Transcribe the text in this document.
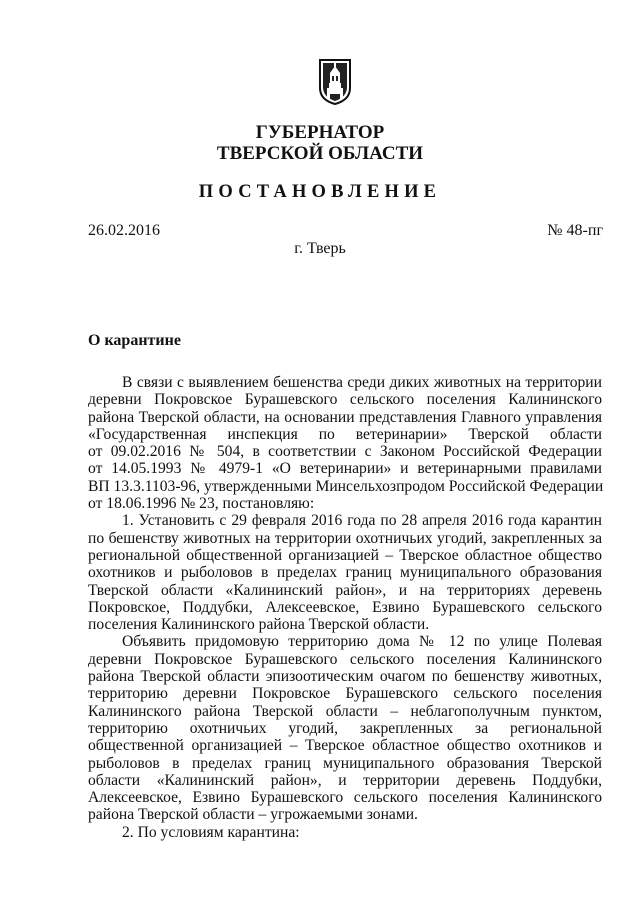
ГУБЕРНАТОР
ТВЕРСКОЙ ОБЛАСТИ
ПОСТАНОВЛЕНИЕ
26.02.2016	№ 48-пг
г. Тверь
О карантине
В связи с выявлением бешенства среди диких животных на территории
деревни Покровское Бурашевского сельского поселения Калининского
района Тверской области, на основании представления Главного управления
«Государственная инспекция по ветеринарии» Тверской области
от 09.02.2016 № 504, в соответствии с Законом Российской Федерации
от 14.05.1993 № 4979-1 «О ветеринарии» и ветеринарными правилами
ВП 13.3.1103-96, утвержденными Минсельхозпродом Российской Федерации
от 18.06.1996 № 23, постановляю:
1. Установить с 29 февраля 2016 года по 28 апреля 2016 года карантин
по бешенству животных на территории охотничьих угодий, закрепленных за
региональной общественной организацией – Тверское областное общество
охотников и рыболовов в пределах границ муниципального образования
Тверской области «Калининский район», и на территориях деревень
Покровское, Поддубки, Алексеевское, Езвино Бурашевского сельского
поселения Калининского района Тверской области.
Объявить придомовую территорию дома № 12 по улице Полевая
деревни Покровское Бурашевского сельского поселения Калининского
района Тверской области эпизоотическим очагом по бешенству животных,
территорию деревни Покровское Бурашевского сельского поселения
Калининского района Тверской области – неблагополучным пунктом,
территорию охотничьих угодий, закрепленных за региональной
общественной организацией – Тверское областное общество охотников и
рыболовов в пределах границ муниципального образования Тверской
области «Калининский район», и территории деревень Поддубки,
Алексеевское, Езвино Бурашевского сельского поселения Калининского
района Тверской области – угрожаемыми зонами.
2. По условиям карантина:
